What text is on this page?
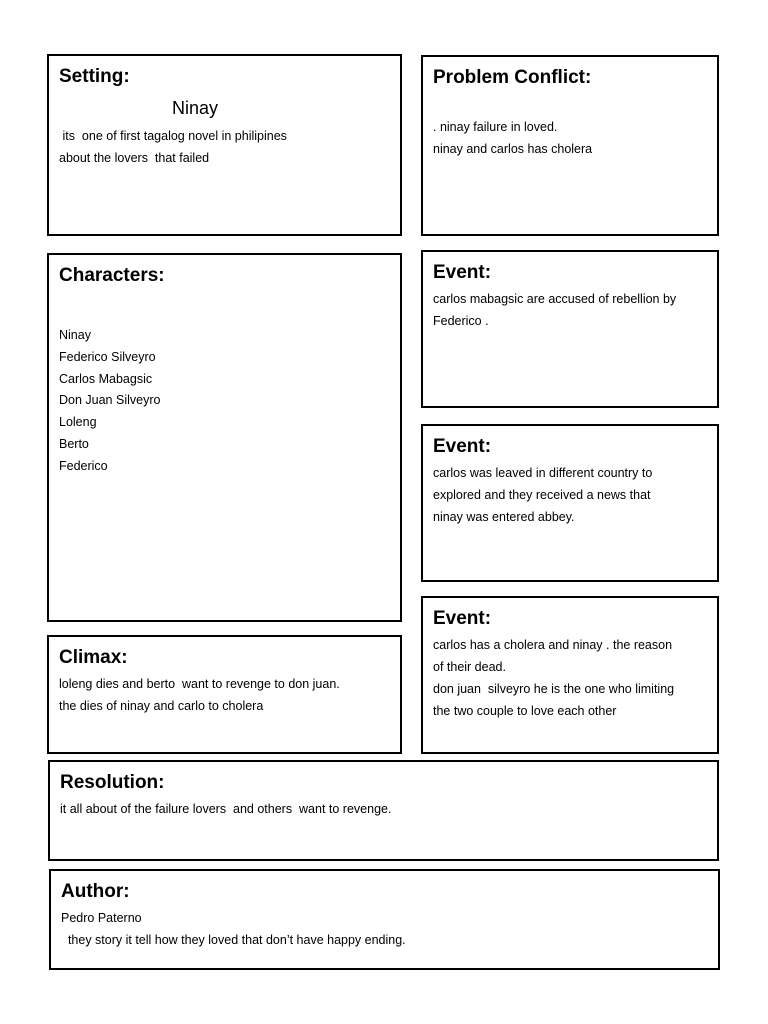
Setting:
Ninay
its  one of first tagalog novel in philipines
about the lovers  that failed
Problem Conflict:
. ninay failure in loved.
ninay and carlos has cholera
Characters:
Ninay
Federico Silveyro
Carlos Mabagsic
Don Juan Silveyro
Loleng
Berto
Federico
Event:
carlos mabagsic are accused of rebellion by
Federico .
Event:
carlos was leaved in different country to
explored and they received a news that
ninay was entered abbey.
Climax:
loleng dies and berto  want to revenge to don juan.
the dies of ninay and carlo to cholera
Event:
carlos has a cholera and ninay . the reason
of their dead.
don juan  silveyro he is the one who limiting
the two couple to love each other
Resolution:
it all about of the failure lovers  and others  want to revenge.
Author:
Pedro Paterno
they story it tell how they loved that don’t have happy ending.
